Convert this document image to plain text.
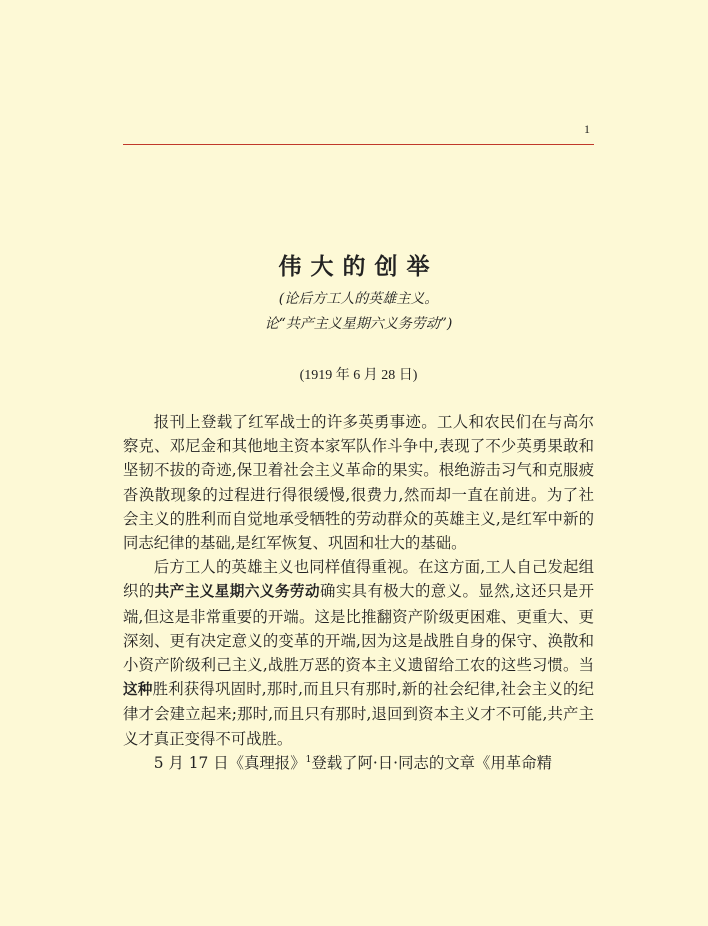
1
伟大的创举
(论后方工人的英雄主义。
论“共产主义星期六义务劳动”)
(1919 年 6 月 28 日)

报刊上登载了红军战士的许多英勇事迹。工人和农民们在与高尔察克、邓尼金和其他地主资本家军队作斗争中,表现了不少英勇果敢和坚韧不拔的奇迹,保卫着社会主义革命的果实。根绝游击习气和克服疲沓涣散现象的过程进行得很缓慢,很费力,然而却一直在前进。为了社会主义的胜利而自觉地承受牺牲的劳动群众的英雄主义,是红军中新的同志纪律的基础,是红军恢复、巩固和壮大的基础。

后方工人的英雄主义也同样值得重视。在这方面,工人自己发起组织的共产主义星期六义务劳动确实具有极大的意义。显然,这还只是开端,但这是非常重要的开端。这是比推翻资产阶级更困难、更重大、更深刻、更有决定意义的变革的开端,因为这是战胜自身的保守、涣散和小资产阶级利己主义,战胜万恶的资本主义遗留给工农的这些习惯。当这种胜利获得巩固时,那时,而且只有那时,新的社会纪律,社会主义的纪律才会建立起来;那时,而且只有那时,退回到资本主义才不可能,共产主义才真正变得不可战胜。

5 月 17 日《真理报》$^1$登载了阿·日·同志的文章《用革命精
